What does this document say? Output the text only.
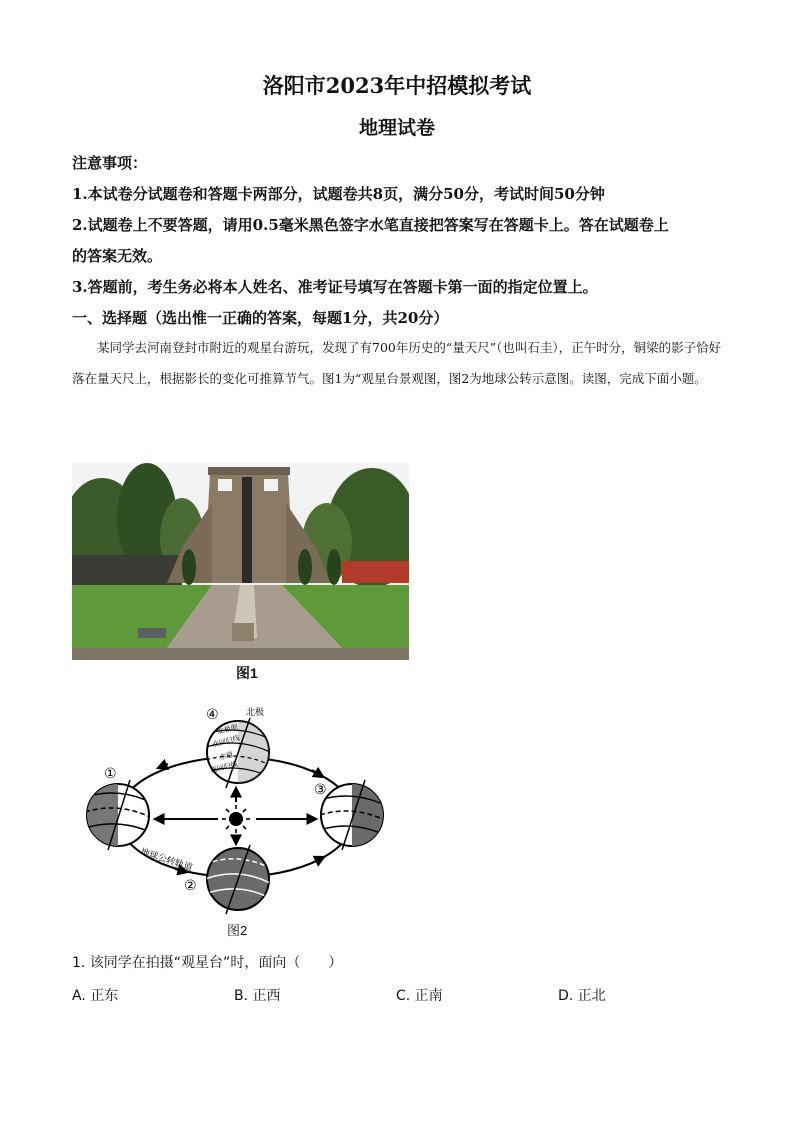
洛阳市2023年中招模拟考试
地理试卷
注意事项：
1.本试卷分试题卷和答题卡两部分，试题卷共8页，满分50分，考试时间50分钟
2.试题卷上不要答题，请用0.5毫米黑色签字水笔直接把答案写在答题卡上。答在试题卷上
的答案无效。
3.答题前，考生务必将本人姓名、准考证号填写在答题卡第一面的指定位置上。
一、选择题（选出惟一正确的答案，每题1分，共20分）
某同学去河南登封市附近的观星台游玩，发现了有700年历史的“量天尺”（也叫石圭），正午时分，铜梁的影子恰好落在量天尺上，根据影长的变化可推算节气。图1为“观星台景观图，图2为地球公转示意图。读图，完成下面小题。
图1
北极圈
北回归线
赤道
南回归线
④	北极
①
③
②
地球公转轨道
图2
1. 该同学在拍摄“观星台”时，面向（　　）
A. 正东	B. 正西	C. 正南	D. 正北
